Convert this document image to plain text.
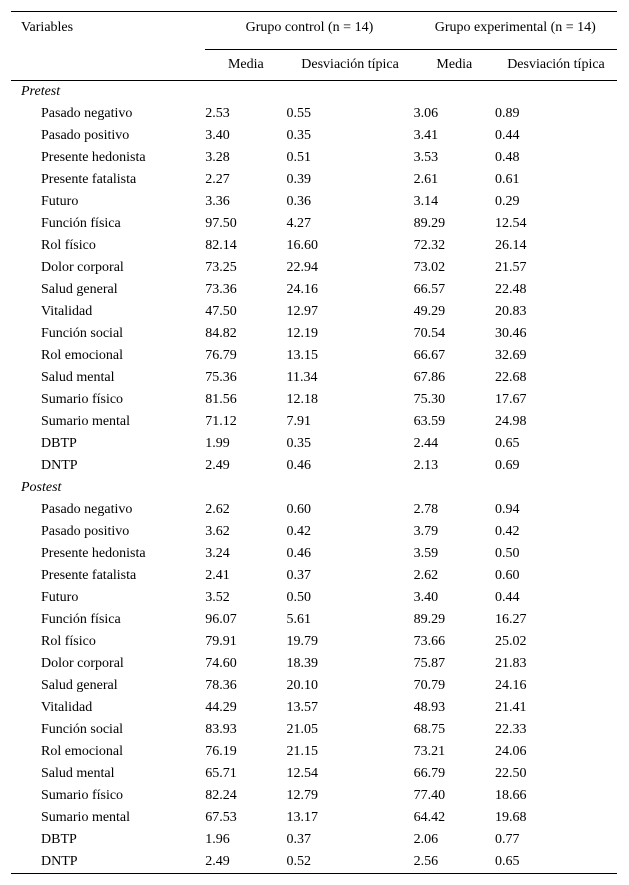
Variables	Grupo control (n = 14)		Grupo experimental (n = 14)	
	Media	Desviación típica	Media	Desviación típica
Pretest				
Pasado negativo	2.53	0.55	3.06	0.89
Pasado positivo	3.40	0.35	3.41	0.44
Presente hedonista	3.28	0.51	3.53	0.48
Presente fatalista	2.27	0.39	2.61	0.61
Futuro	3.36	0.36	3.14	0.29
Función física	97.50	4.27	89.29	12.54
Rol físico	82.14	16.60	72.32	26.14
Dolor corporal	73.25	22.94	73.02	21.57
Salud general	73.36	24.16	66.57	22.48
Vitalidad	47.50	12.97	49.29	20.83
Función social	84.82	12.19	70.54	30.46
Rol emocional	76.79	13.15	66.67	32.69
Salud mental	75.36	11.34	67.86	22.68
Sumario físico	81.56	12.18	75.30	17.67
Sumario mental	71.12	7.91	63.59	24.98
DBTP	1.99	0.35	2.44	0.65
DNTP	2.49	0.46	2.13	0.69
Postest				
Pasado negativo	2.62	0.60	2.78	0.94
Pasado positivo	3.62	0.42	3.79	0.42
Presente hedonista	3.24	0.46	3.59	0.50
Presente fatalista	2.41	0.37	2.62	0.60
Futuro	3.52	0.50	3.40	0.44
Función física	96.07	5.61	89.29	16.27
Rol físico	79.91	19.79	73.66	25.02
Dolor corporal	74.60	18.39	75.87	21.83
Salud general	78.36	20.10	70.79	24.16
Vitalidad	44.29	13.57	48.93	21.41
Función social	83.93	21.05	68.75	22.33
Rol emocional	76.19	21.15	73.21	24.06
Salud mental	65.71	12.54	66.79	22.50
Sumario físico	82.24	12.79	77.40	18.66
Sumario mental	67.53	13.17	64.42	19.68
DBTP	1.96	0.37	2.06	0.77
DNTP	2.49	0.52	2.56	0.65
